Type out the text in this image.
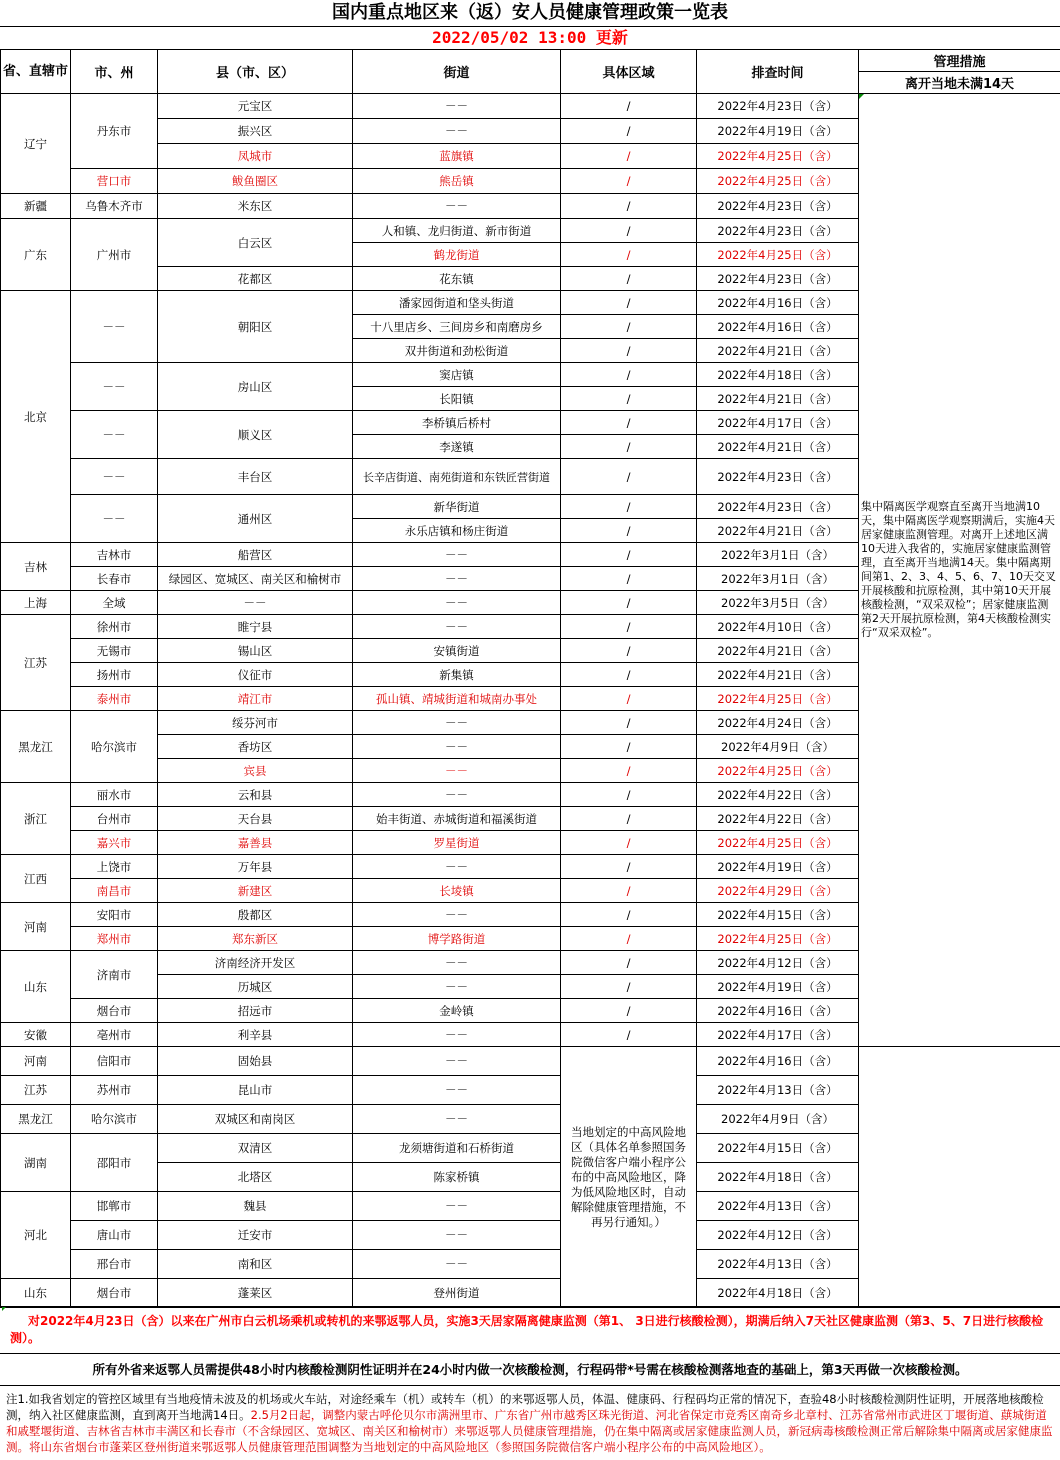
国内重点地区来（返）安人员健康管理政策一览表
2022/05/02 13:00 更新
省、直辖市	市、州	县（市、区）	街道	具体区域	排查时间	管理措施
						离开当地未满14天
辽宁	丹东市	元宝区	－－	/	2022年4月23日（含）	集中隔离医学观察直至离开当地满10天，集中隔离医学观察期满后，实施4天居家健康监测管理。对离开上述地区满10天进入我省的，实施居家健康监测管理，直至离开当地满14天。集中隔离期间第1、2、3、4、5、6、7、10天交叉开展核酸和抗原检测，其中第10天开展核酸检测，“双采双检”；居家健康监测第2天开展抗原检测，第4天核酸检测实行“双采双检”。
		振兴区	－－	/	2022年4月19日（含）	
		凤城市	蓝旗镇	/	2022年4月25日（含）	
	营口市	鲅鱼圈区	熊岳镇	/	2022年4月25日（含）	
新疆	乌鲁木齐市	米东区	－－	/	2022年4月23日（含）	
广东	广州市	白云区	人和镇、龙归街道、新市街道	/	2022年4月23日（含）	
			鹤龙街道	/	2022年4月25日（含）	
		花都区	花东镇	/	2022年4月23日（含）	
北京	－－	朝阳区	潘家园街道和垡头街道	/	2022年4月16日（含）	
			十八里店乡、三间房乡和南磨房乡	/	2022年4月16日（含）	
			双井街道和劲松街道	/	2022年4月21日（含）	
	－－	房山区	窦店镇	/	2022年4月18日（含）	
			长阳镇	/	2022年4月21日（含）	
	－－	顺义区	李桥镇后桥村	/	2022年4月17日（含）	
			李遂镇	/	2022年4月21日（含）	
	－－	丰台区	长辛店街道、南苑街道和东铁匠营街道	/	2022年4月23日（含）	
	－－	通州区	新华街道	/	2022年4月23日（含）	
			永乐店镇和杨庄街道	/	2022年4月21日（含）	
吉林	吉林市	船营区	－－	/	2022年3月1日（含）	
	长春市	绿园区、宽城区、南关区和榆树市	－－	/	2022年3月1日（含）	
上海	全域	－－	－－	/	2022年3月5日（含）	
江苏	徐州市	睢宁县	－－	/	2022年4月10日（含）	
	无锡市	锡山区	安镇街道	/	2022年4月21日（含）	
	扬州市	仪征市	新集镇	/	2022年4月21日（含）	
	泰州市	靖江市	孤山镇、靖城街道和城南办事处	/	2022年4月25日（含）	
黑龙江	哈尔滨市	绥芬河市	－－	/	2022年4月24日（含）	
		香坊区	－－	/	2022年4月9日（含）	
		宾县	－－	/	2022年4月25日（含）	
浙江	丽水市	云和县	－－	/	2022年4月22日（含）	
	台州市	天台县	始丰街道、赤城街道和福溪街道	/	2022年4月22日（含）	
	嘉兴市	嘉善县	罗星街道	/	2022年4月25日（含）	
江西	上饶市	万年县	－－	/	2022年4月19日（含）	
	南昌市	新建区	长堎镇	/	2022年4月29日（含）	
河南	安阳市	殷都区	－－	/	2022年4月15日（含）	
	郑州市	郑东新区	博学路街道	/	2022年4月25日（含）	
山东	济南市	济南经济开发区	－－	/	2022年4月12日（含）	
		历城区	－－	/	2022年4月19日（含）	
	烟台市	招远市	金岭镇	/	2022年4月16日（含）	
安徽	亳州市	利辛县	－－	/	2022年4月17日（含）	
河南	信阳市	固始县	－－	当地划定的中高风险地区（具体名单参照国务院微信客户端小程序公布的中高风险地区，降为低风险地区时，自动解除健康管理措施，不再另行通知。）	2022年4月16日（含）	
江苏	苏州市	昆山市	－－		2022年4月13日（含）	
黑龙江	哈尔滨市	双城区和南岗区	－－		2022年4月9日（含）	
湖南	邵阳市	双清区	龙须塘街道和石桥街道		2022年4月15日（含）	
		北塔区	陈家桥镇		2022年4月18日（含）	
河北	邯郸市	魏县	－－		2022年4月13日（含）	
	唐山市	迁安市	－－		2022年4月12日（含）	
	邢台市	南和区	－－		2022年4月13日（含）	
山东	烟台市	蓬莱区	登州街道		2022年4月18日（含）	
对2022年4月23日（含）以来在广州市白云机场乘机或转机的来鄂返鄂人员，实施3天居家隔离健康监测（第1、 3日进行核酸检测），期满后纳入7天社区健康监测（第3、5、7日进行核酸检测）。
所有外省来返鄂人员需提供48小时内核酸检测阴性证明并在24小时内做一次核酸检测，行程码带*号需在核酸检测落地查的基础上，第3天再做一次核酸检测。
注1.如我省划定的管控区域里有当地疫情未波及的机场或火车站，对途经乘车（机）或转车（机）的来鄂返鄂人员，体温、健康码、行程码均正常的情况下，查验48小时核酸检测阴性证明，开展落地核酸检测，纳入社区健康监测，直到离开当地满14日。2.5月2日起，调整内蒙古呼伦贝尔市满洲里市、广东省广州市越秀区珠光街道、河北省保定市竞秀区南奇乡北章村、江苏省常州市武进区丁堰街道、蕻城街道和戚墅堰街道、吉林省吉林市丰满区和长春市（不含绿园区、宽城区、南关区和榆树市）来鄂返鄂人员健康管理措施，仍在集中隔离或居家健康监测人员，新冠病毒核酸检测正常后解除集中隔离或居家健康监测。将山东省烟台市蓬莱区登州街道来鄂返鄂人员健康管理范围调整为当地划定的中高风险地区（参照国务院微信客户端小程序公布的中高风险地区）。
